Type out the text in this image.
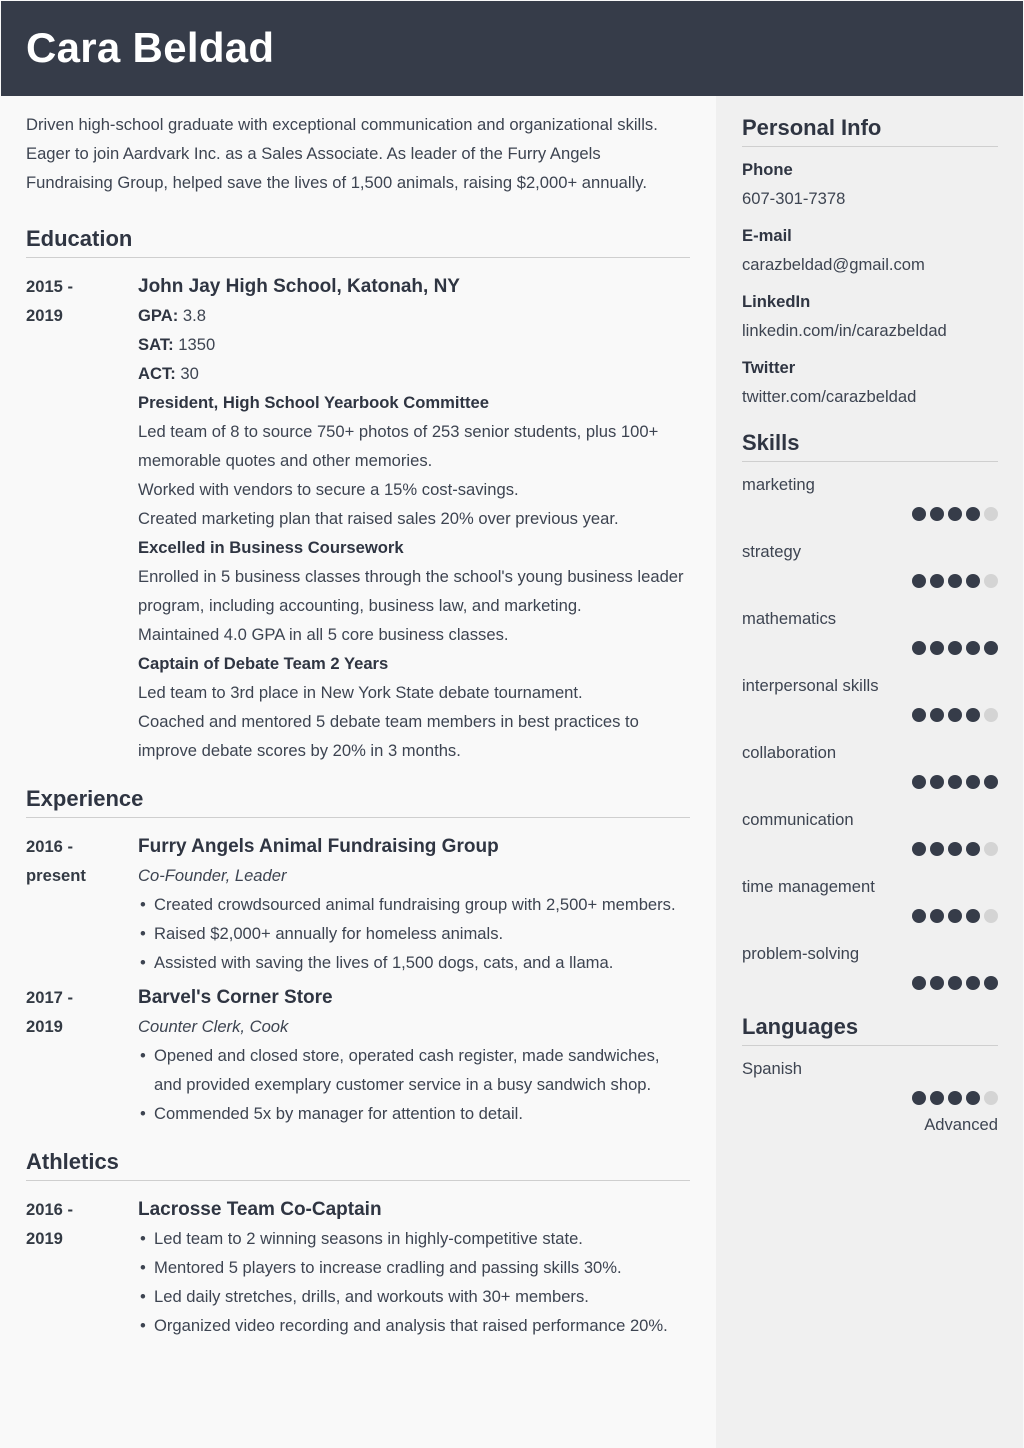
Cara Beldad

Driven high-school graduate with exceptional communication and organizational skills. Eager to join Aardvark Inc. as a Sales Associate. As leader of the Furry Angels Fundraising Group, helped save the lives of 1,500 animals, raising $2,000+ annually.

Education
2015 -
2019
John Jay High School, Katonah, NY
GPA: 3.8
SAT: 1350
ACT: 30
President, High School Yearbook Committee
Led team of 8 to source 750+ photos of 253 senior students, plus 100+ memorable quotes and other memories.
Worked with vendors to secure a 15% cost-savings.
Created marketing plan that raised sales 20% over previous year.
Excelled in Business Coursework
Enrolled in 5 business classes through the school's young business leader program, including accounting, business law, and marketing.
Maintained 4.0 GPA in all 5 core business classes.
Captain of Debate Team 2 Years
Led team to 3rd place in New York State debate tournament.
Coached and mentored 5 debate team members in best practices to improve debate scores by 20% in 3 months.
Experience
2016 -
present
Furry Angels Animal Fundraising Group
Co-Founder, Leader
• Created crowdsourced animal fundraising group with 2,500+ members.
• Raised $2,000+ annually for homeless animals.
• Assisted with saving the lives of 1,500 dogs, cats, and a llama.
2017 -
2019
Barvel's Corner Store
Counter Clerk, Cook
• Opened and closed store, operated cash register, made sandwiches, and provided exemplary customer service in a busy sandwich shop.
• Commended 5x by manager for attention to detail.
Athletics
2016 -
2019
Lacrosse Team Co-Captain
• Led team to 2 winning seasons in highly-competitive state.
• Mentored 5 players to increase cradling and passing skills 30%.
• Led daily stretches, drills, and workouts with 30+ members.
• Organized video recording and analysis that raised performance 20%.
Personal Info
Phone
607-301-7378
E-mail
carazbeldad@gmail.com
LinkedIn
linkedin.com/in/carazbeldad
Twitter
twitter.com/carazbeldad
Skills
marketing
strategy
mathematics
interpersonal skills
collaboration
communication
time management
problem-solving
Languages
Spanish
Advanced
